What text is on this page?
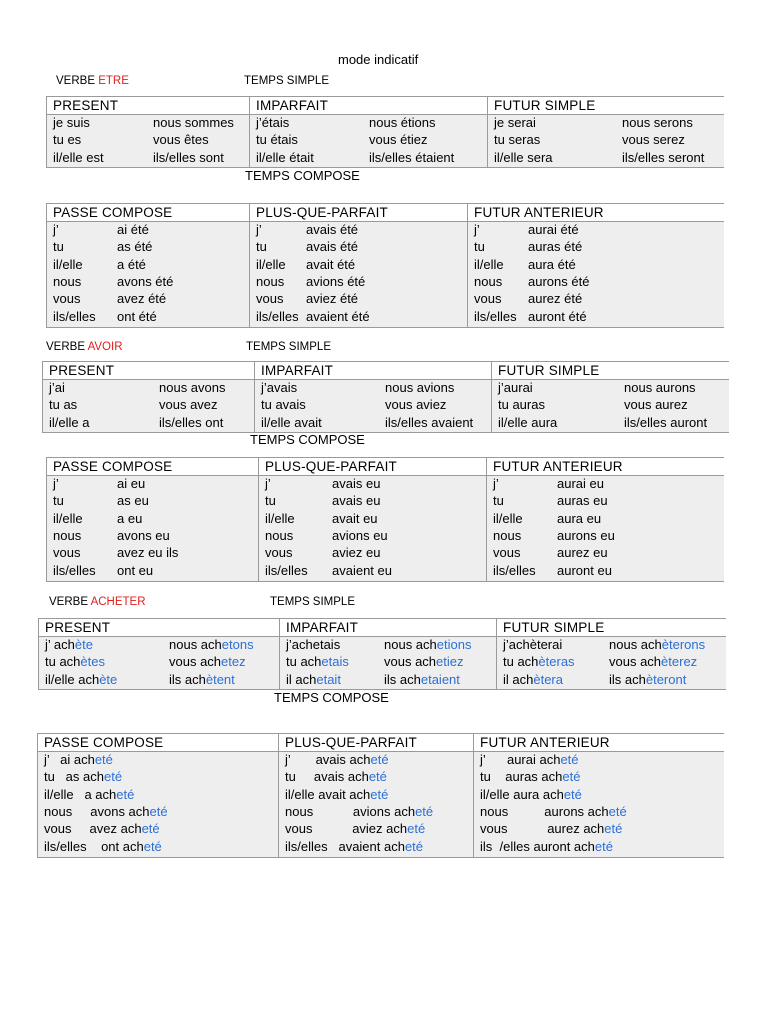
mode indicatif
VERBE ETRE	TEMPS SIMPLE
PRESENT
je suis	nous sommes
tu es	vous êtes
il/elle est	ils/elles sont
IMPARFAIT
j’étais	nous étions
tu étais	vous étiez
il/elle était	ils/elles étaient
FUTUR SIMPLE
je serai	nous serons
tu seras	vous serez
il/elle sera	ils/elles seront
TEMPS COMPOSE
PASSE COMPOSE
j’	ai été
tu	as été
il/elle	a été
nous	avons été
vous	avez été
ils/elles ont été
PLUS-QUE-PARFAIT
j’	avais été
tu	avais été
il/elle avait été
nous avions été
vous aviez été
ils/elles avaient été
FUTUR ANTERIEUR
j’	aurai été
tu	auras été
il/elle aura été
nous aurons été
vous aurez été
ils/elles auront été
VERBE AVOIR	TEMPS SIMPLE
PRESENT
j’ai	nous avons
tu as	vous avez
il/elle a	ils/elles ont
IMPARFAIT
j’avais	nous avions
tu avais	vous aviez
il/elle avait	ils/elles avaient
FUTUR SIMPLE
j’aurai	nous aurons
tu auras	vous aurez
il/elle aura	ils/elles auront
TEMPS COMPOSE
PASSE COMPOSE
j’	ai eu
tu	as eu
il/elle	a eu
nous	avons eu
vous	avez eu ils
ils/elles ont eu
PLUS-QUE-PARFAIT
j’	avais eu
tu	avais eu
il/elle	avait eu
nous	avions eu
vous	aviez eu
ils/elles avaient eu
FUTUR ANTERIEUR
j’	aurai eu
tu	auras eu
il/elle	aura eu
nous	aurons eu
vous	aurez eu
ils/elles auront eu
VERBE ACHETER	TEMPS SIMPLE
PRESENT
j’ achète	nous achetons
tu achètes	vous achetez
il/elle achète	ils achètent
IMPARFAIT
j’achetais	nous achetions
tu achetais	vous achetiez
il achetait	ils achetaient
FUTUR SIMPLE
j’achèterai	nous achèterons
tu achèteras	vous achèterez
il achètera	ils achèteront
TEMPS COMPOSE
PASSE COMPOSE
j’   ai acheté
tu   as acheté
il/elle   a acheté
nous     avons acheté
vous     avez acheté
ils/elles    ont acheté
PLUS-QUE-PARFAIT
j’       avais acheté
tu     avais acheté
il/elle avait acheté
nous           avions acheté
vous           aviez acheté
ils/elles   avaient acheté
FUTUR ANTERIEUR
j’      aurai acheté
tu    auras acheté
il/elle aura acheté
nous          aurons acheté
vous           aurez acheté
ils  /elles auront acheté
